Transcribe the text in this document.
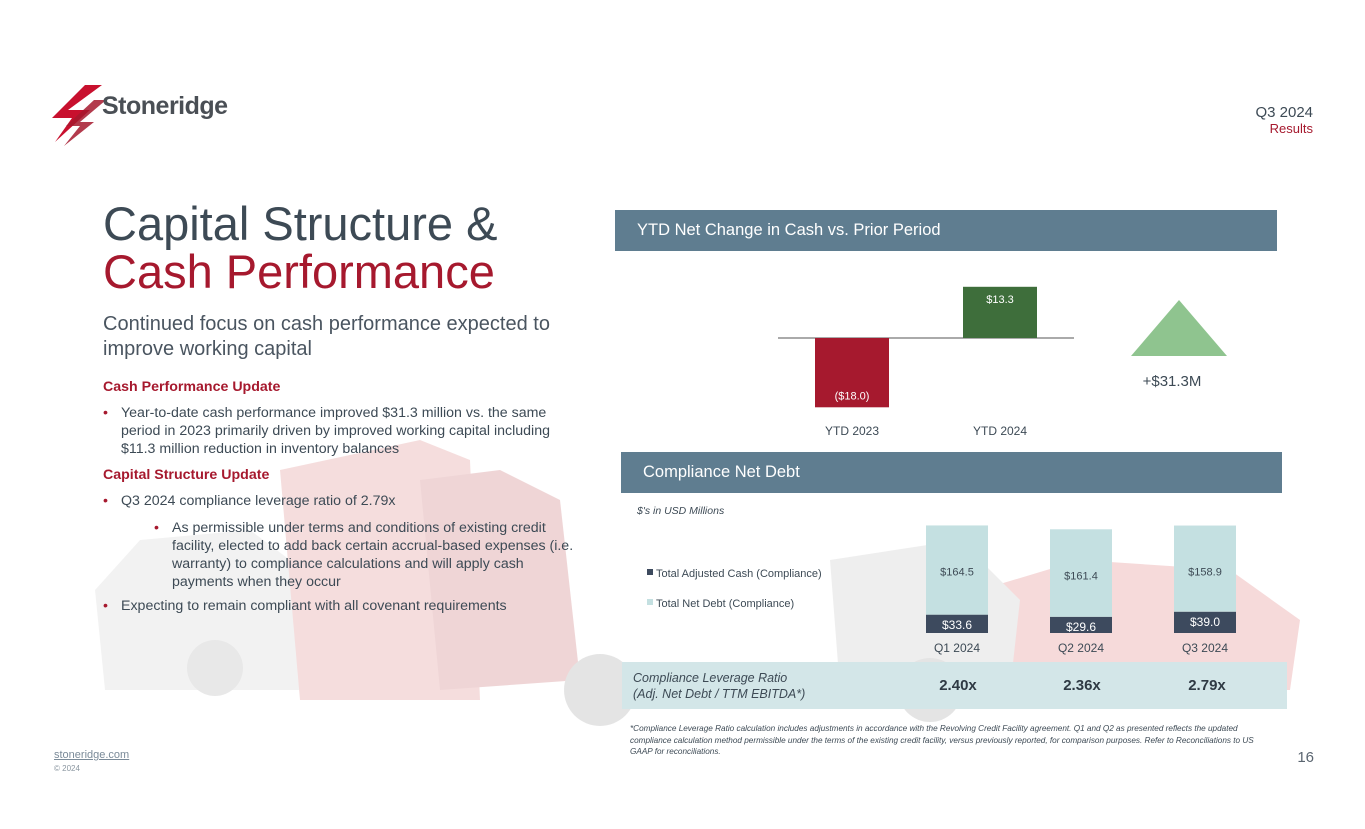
Stoneridge	Q3 2024
Results
Capital Structure &
Cash Performance
Continued focus on cash performance expected to improve working capital
Cash Performance Update
• Year-to-date cash performance improved $31.3 million vs. the same period in 2023 primarily driven by improved working capital including $11.3 million reduction in inventory balances
Capital Structure Update
• Q3 2024 compliance leverage ratio of 2.79x
• As permissible under terms and conditions of existing credit facility, elected to add back certain accrual-based expenses (i.e. warranty) to compliance calculations and will apply cash payments when they occur
• Expecting to remain compliant with all covenant requirements
YTD Net Change in Cash vs. Prior Period
Compliance Net Debt
($18.0)
YTD 2023
$13.3
YTD 2024
+$31.3M
$164.5
$33.6
Q1 2024
$161.4
$29.6
Q2 2024
$158.9
$39.0
Q3 2024
Total Adjusted Cash (Compliance)
Total Net Debt (Compliance)
$'s in USD Millions
Compliance Leverage Ratio
(Adj. Net Debt / TTM EBITDA*)	2.40x	2.36x	2.79x
*Compliance Leverage Ratio calculation includes adjustments in accordance with the Revolving Credit Facility agreement. Q1 and Q2 as presented reflects the updated compliance calculation method permissible under the terms of the existing credit facility, versus previously reported, for comparison purposes. Refer to Reconciliations to US GAAP for reconciliations.
stoneridge.com
© 2024
16
